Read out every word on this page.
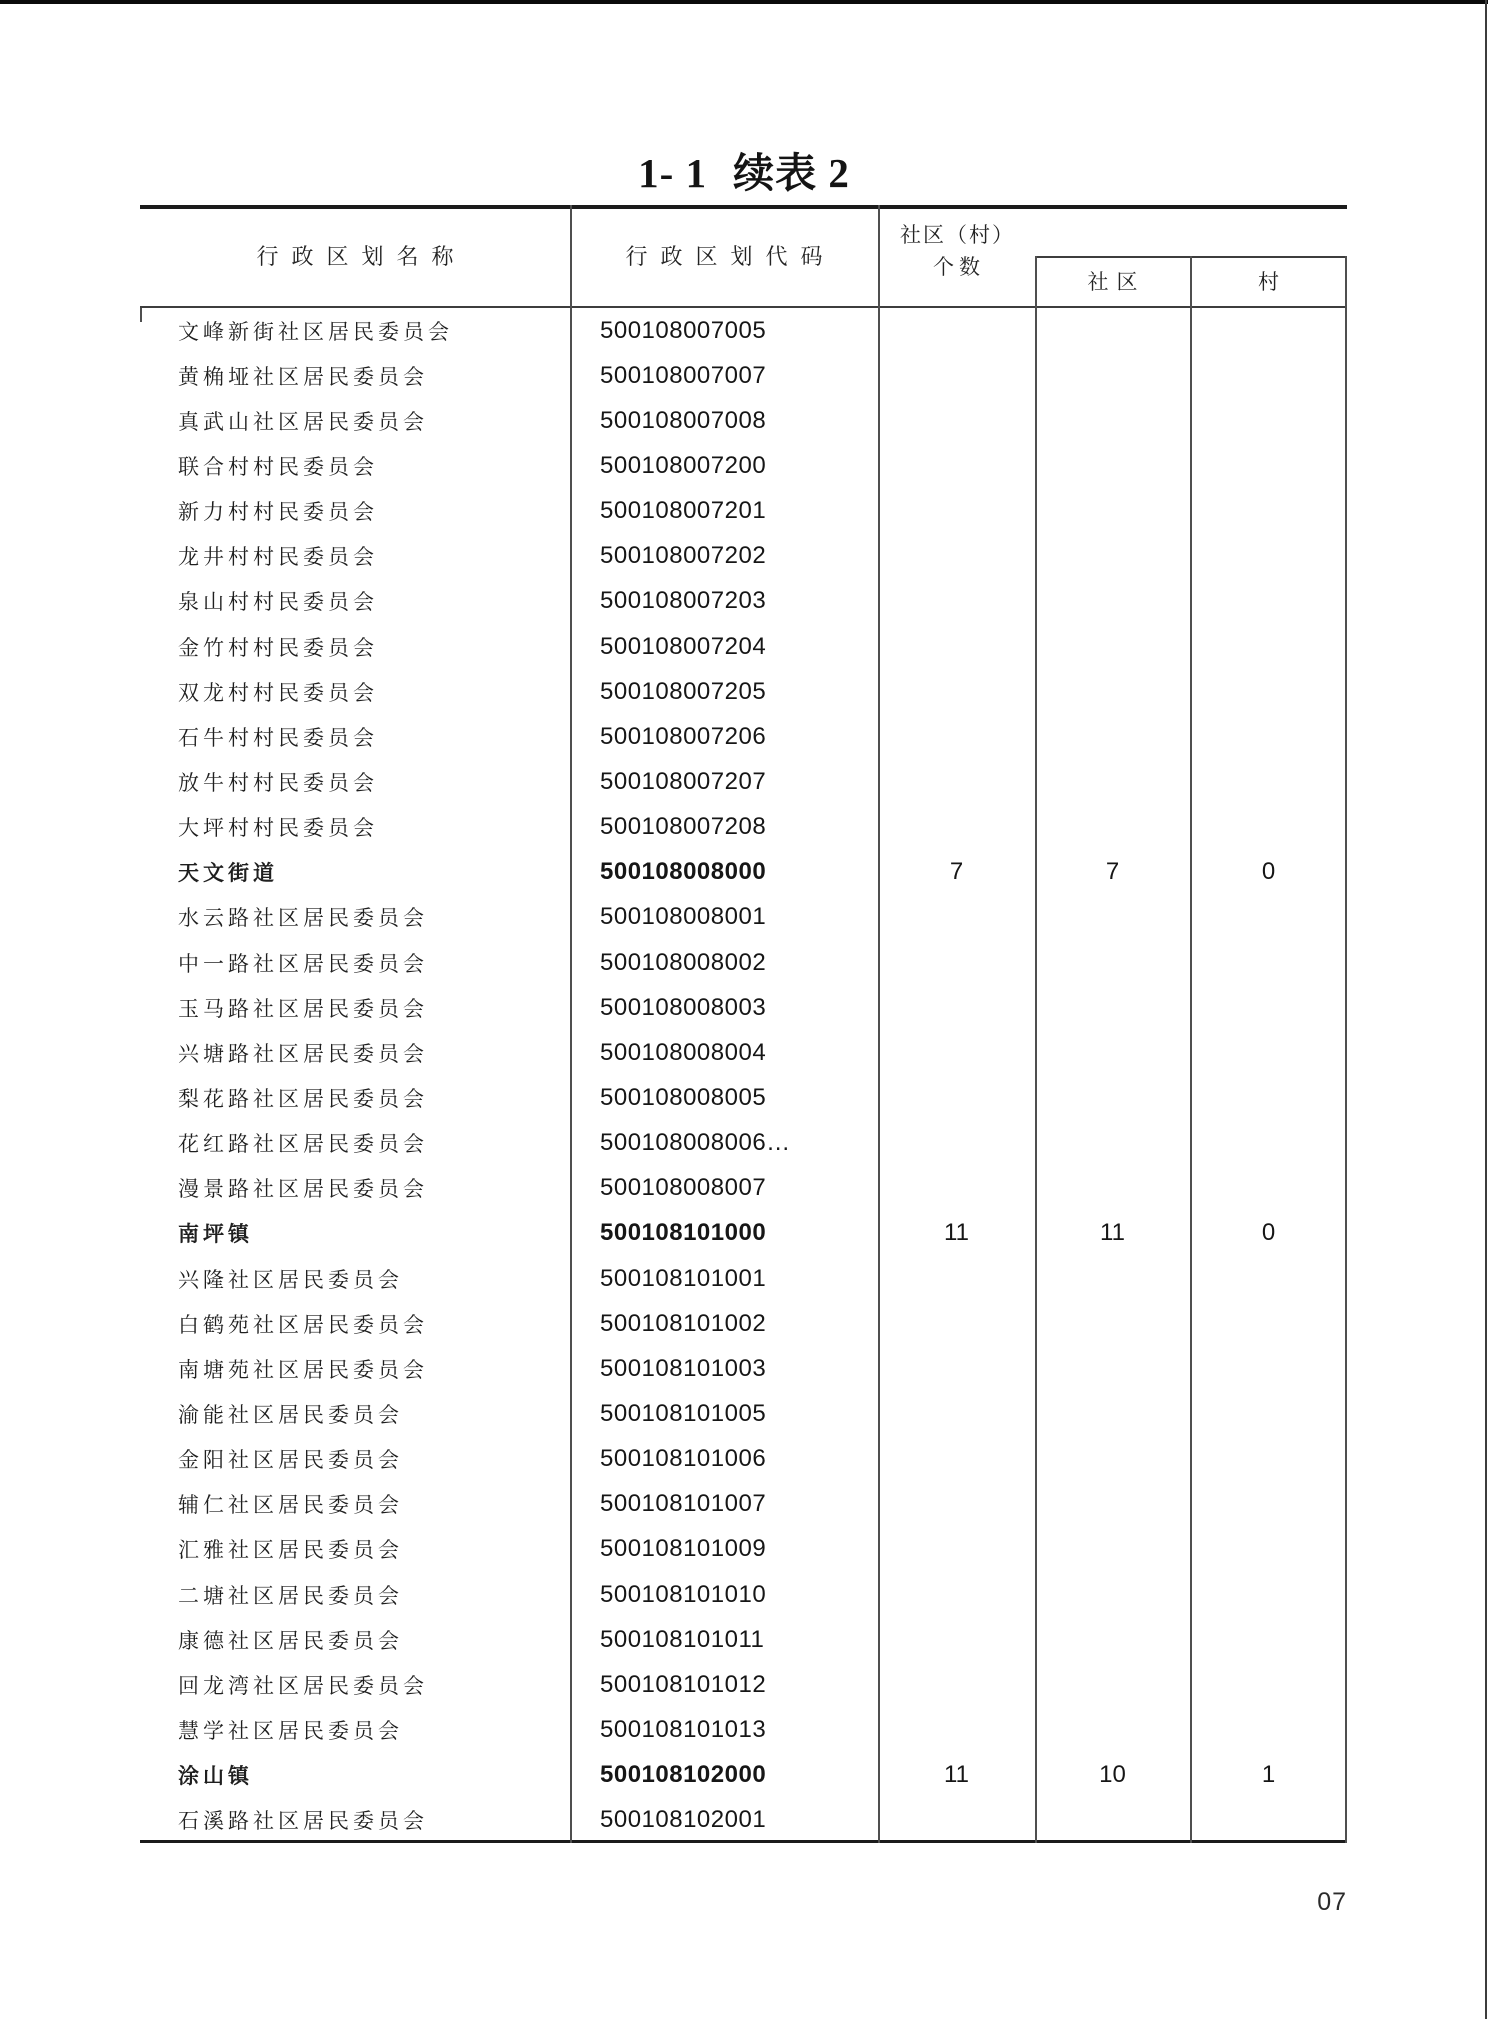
1- 1 续表 2
行政区划名称	行政区划代码
社区（村）
个数
社区	村
文峰新街社区居民委员会	500108007005
黄桷垭社区居民委员会	500108007007
真武山社区居民委员会	500108007008
联合村村民委员会	500108007200
新力村村民委员会	500108007201
龙井村村民委员会	500108007202
泉山村村民委员会	500108007203
金竹村村民委员会	500108007204
双龙村村民委员会	500108007205
石牛村村民委员会	500108007206
放牛村村民委员会	500108007207
大坪村村民委员会	500108007208
天文街道	500108008000	7	7	0
水云路社区居民委员会	500108008001
中一路社区居民委员会	500108008002
玉马路社区居民委员会	500108008003
兴塘路社区居民委员会	500108008004
梨花路社区居民委员会	500108008005
花红路社区居民委员会	500108008006…
漫景路社区居民委员会	500108008007
南坪镇	500108101000	11	11	0
兴隆社区居民委员会	500108101001
白鹤苑社区居民委员会	500108101002
南塘苑社区居民委员会	500108101003
渝能社区居民委员会	500108101005
金阳社区居民委员会	500108101006
辅仁社区居民委员会	500108101007
汇雅社区居民委员会	500108101009
二塘社区居民委员会	500108101010
康德社区居民委员会	500108101011
回龙湾社区居民委员会	500108101012
慧学社区居民委员会	500108101013
涂山镇	500108102000	11	10	1
石溪路社区居民委员会	500108102001
07
